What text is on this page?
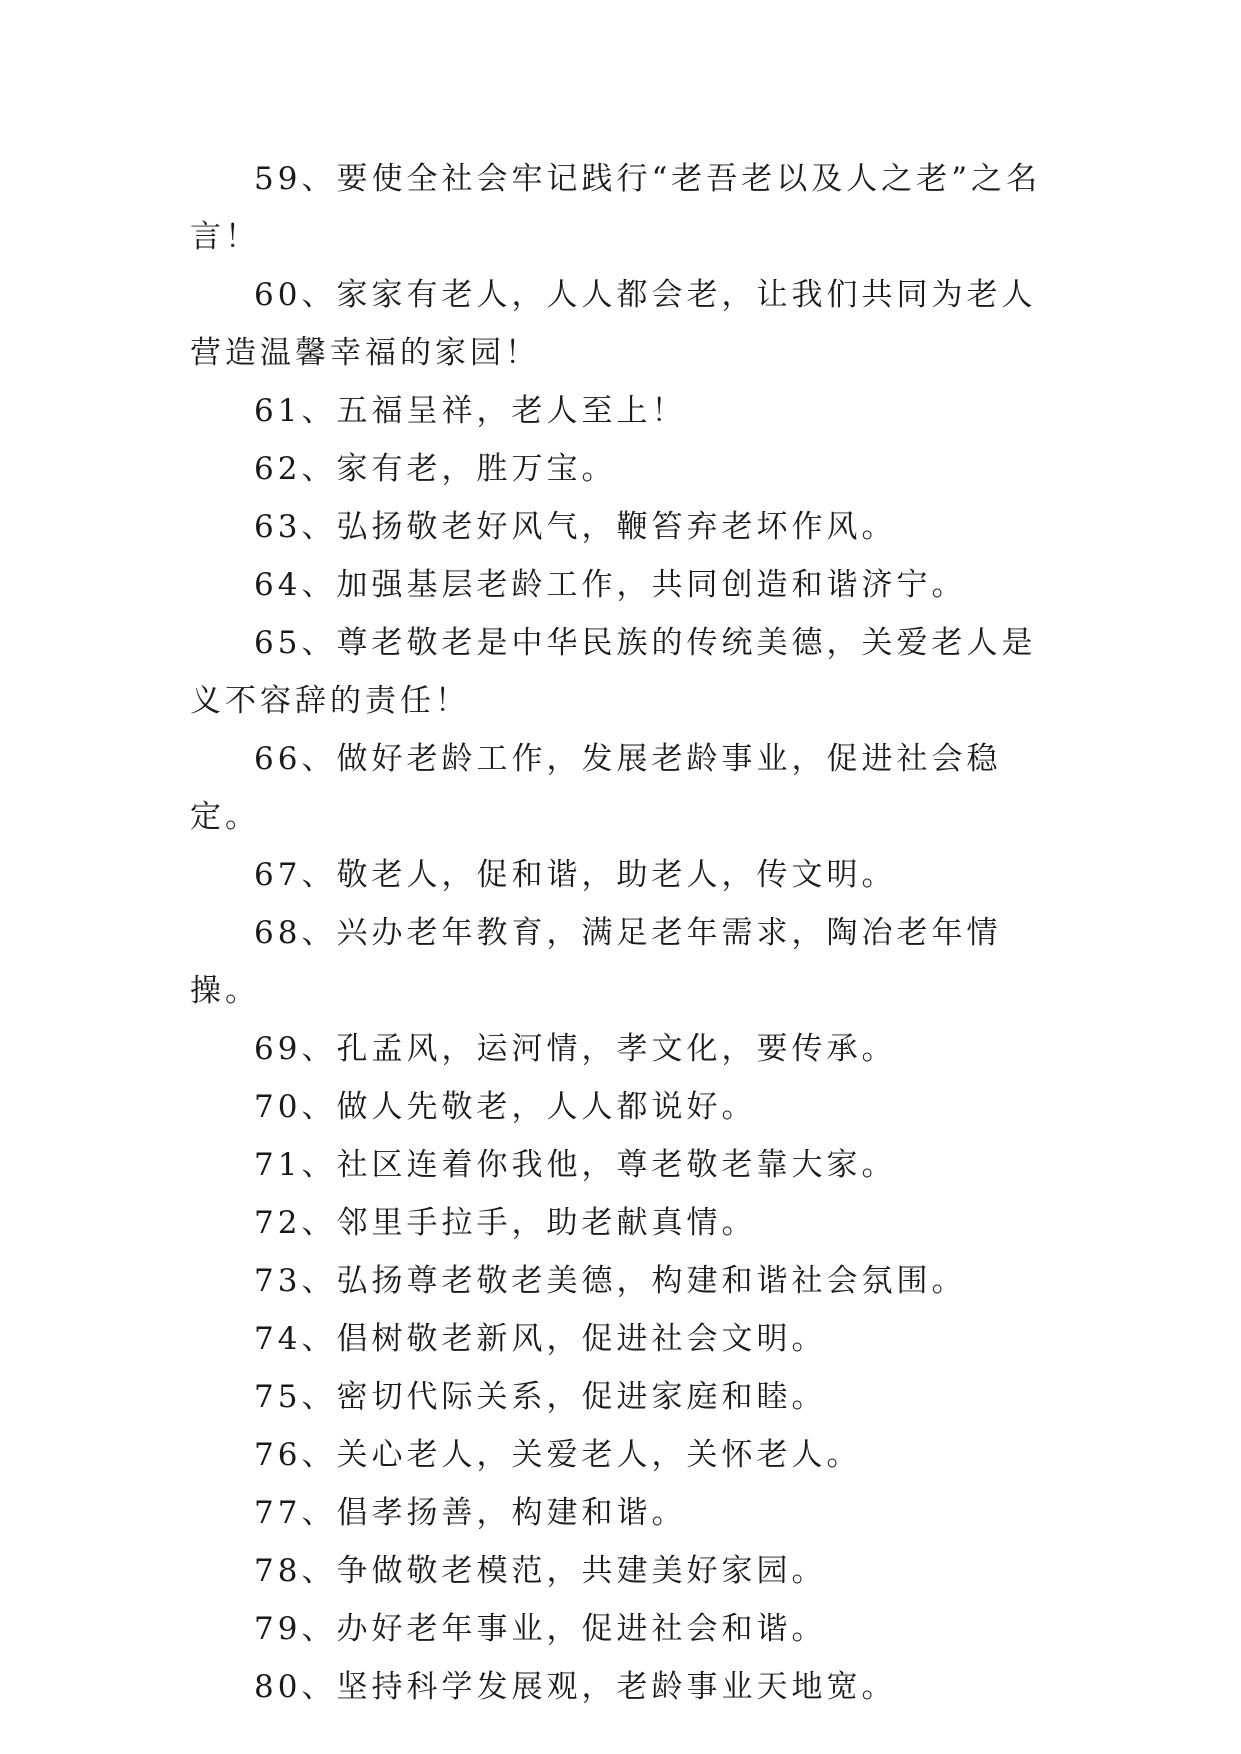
59、要使全社会牢记践行“老吾老以及人之老”之名言！

60、家家有老人，人人都会老，让我们共同为老人营造温馨幸福的家园！

61、五福呈祥，老人至上！

62、家有老，胜万宝。

63、弘扬敬老好风气，鞭笞弃老坏作风。

64、加强基层老龄工作，共同创造和谐济宁。

65、尊老敬老是中华民族的传统美德，关爱老人是义不容辞的责任！

66、做好老龄工作，发展老龄事业，促进社会稳定。

67、敬老人，促和谐，助老人，传文明。

68、兴办老年教育，满足老年需求，陶冶老年情操。

69、孔孟风，运河情，孝文化，要传承。

70、做人先敬老，人人都说好。

71、社区连着你我他，尊老敬老靠大家。

72、邻里手拉手，助老献真情。

73、弘扬尊老敬老美德，构建和谐社会氛围。

74、倡树敬老新风，促进社会文明。

75、密切代际关系，促进家庭和睦。

76、关心老人，关爱老人，关怀老人。

77、倡孝扬善，构建和谐。

78、争做敬老模范，共建美好家园。

79、办好老年事业，促进社会和谐。

80、坚持科学发展观，老龄事业天地宽。
